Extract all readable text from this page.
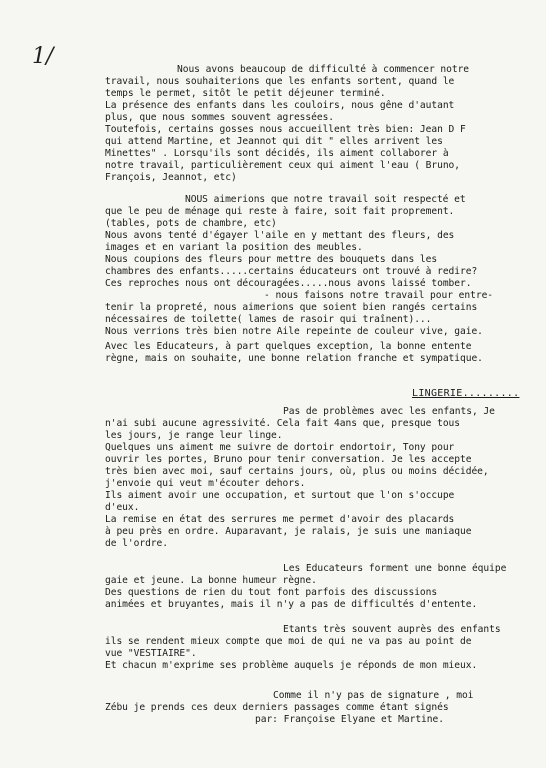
1/
Nous avons beaucoup de difficulté à commencer notre
travail, nous souhaiterions que les enfants sortent, quand le
temps le permet, sitôt le petit déjeuner terminé.
La présence des enfants dans les couloirs, nous gêne d'autant
plus, que nous sommes souvent agressées.
Toutefois, certains gosses nous accueillent très bien: Jean D F
qui attend Martine, et Jeannot qui dit " elles arrivent les
Minettes" . Lorsqu'ils sont décidés, ils aiment collaborer à
notre travail, particulièrement ceux qui aiment l'eau ( Bruno,
François, Jeannot, etc)
NOUS aimerions que notre travail soit respecté et
que le peu de ménage qui reste à faire, soit fait proprement.
(tables, pots de chambre, etc)
Nous avons tenté d'égayer l'aile en y mettant des fleurs, des
images et en variant la position des meubles.
Nous coupions des fleurs pour mettre des bouquets dans les
chambres des enfants.....certains éducateurs ont trouvé à redire?
Ces reproches nous ont découragées.....nous avons laissé tomber.
- nous faisons notre travail pour entre-
tenir la propreté, nous aimerions que soient bien rangés certains
nécessaires de toilette( lames de rasoir qui traînent)...
Nous verrions très bien notre Aile repeinte de couleur vive, gaie.
Avec les Educateurs, à part quelques exception, la bonne entente
règne, mais on souhaite, une bonne relation franche et sympatique.
LINGERIE.........
Pas de problèmes avec les enfants, Je
n'ai subi aucune agressivité. Cela fait 4ans que, presque tous
les jours, je range leur linge.
Quelques uns aiment me suivre de dortoir endortoir, Tony pour
ouvrir les portes, Bruno pour tenir conversation. Je les accepte
très bien avec moi, sauf certains jours, où, plus ou moins décidée, j'envoie qui veut m'écouter dehors.
Ils aiment avoir une occupation, et surtout que l'on s'occupe
d'eux.
La remise en état des serrures me permet d'avoir des placards
à peu près en ordre. Auparavant, je ralais, je suis une maniaque
de l'ordre.
Les Educateurs forment une bonne équipe
gaie et jeune. La bonne humeur règne.
Des questions de rien du tout font parfois des discussions
animées et bruyantes, mais il n'y a pas de difficultés d'entente.
Etants très souvent auprès des enfants
ils se rendent mieux compte que moi de qui ne va pas au point de
vue "VESTIAIRE".
Et chacun m'exprime ses problème auquels je réponds de mon mieux.
Comme il n'y pas de signature , moi
Zébu je prends ces deux derniers passages comme étant signés
par: Françoise Elyane et Martine.
